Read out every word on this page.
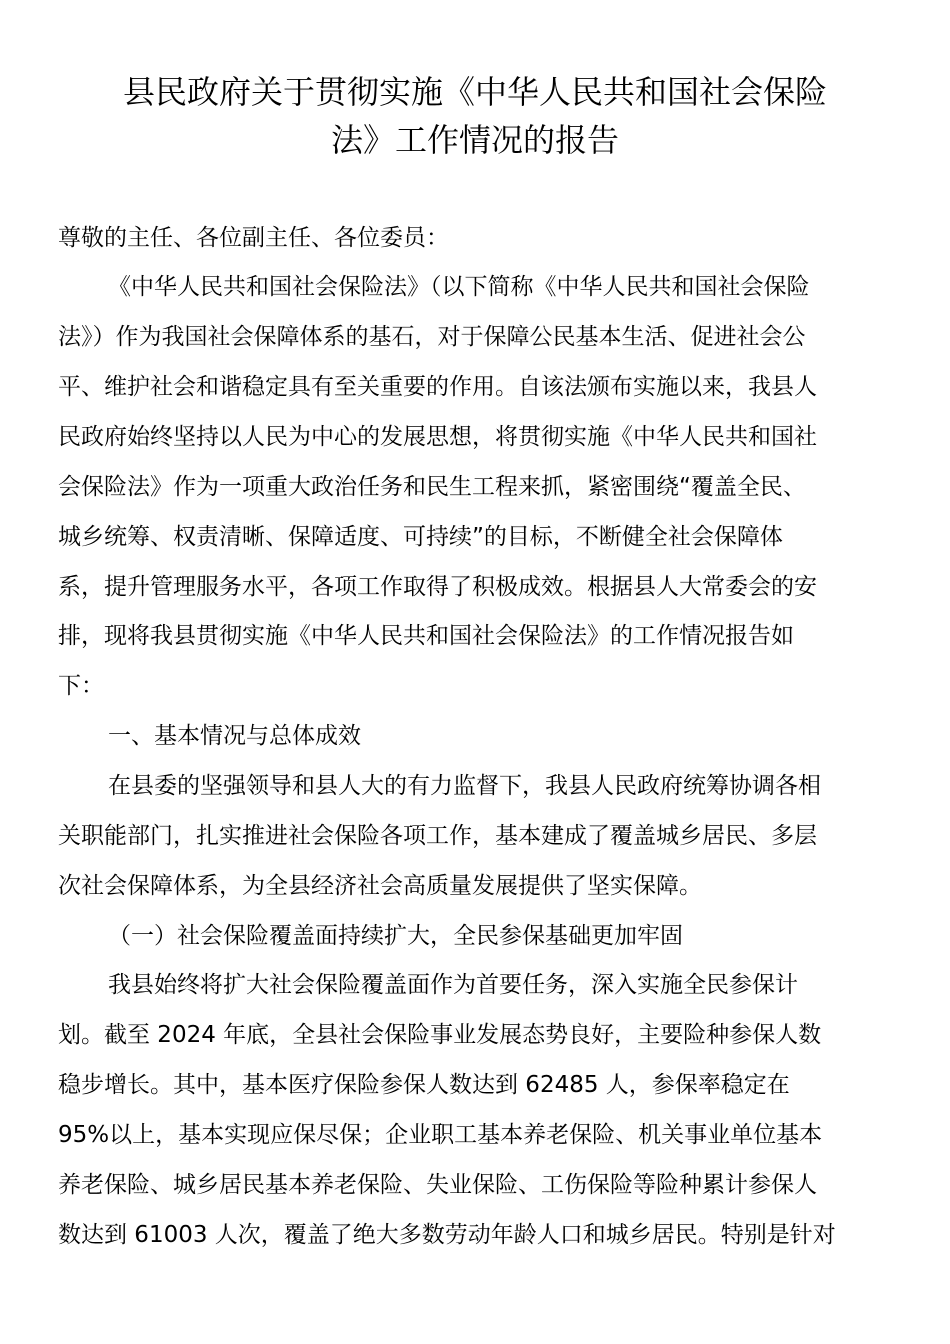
县民政府关于贯彻实施《中华人民共和国社会保险
法》工作情况的报告

尊敬的主任、各位副主任、各位委员：

《中华人民共和国社会保险法》（以下简称《中华人民共和国社会保险

法》）作为我国社会保障体系的基石，对于保障公民基本生活、促进社会公

平、维护社会和谐稳定具有至关重要的作用。自该法颁布实施以来，我县人

民政府始终坚持以人民为中心的发展思想，将贯彻实施《中华人民共和国社

会保险法》作为一项重大政治任务和民生工程来抓，紧密围绕“覆盖全民、

城乡统筹、权责清晰、保障适度、可持续”的目标，不断健全社会保障体

系，提升管理服务水平，各项工作取得了积极成效。根据县人大常委会的安

排，现将我县贯彻实施《中华人民共和国社会保险法》的工作情况报告如

下：

一、基本情况与总体成效

在县委的坚强领导和县人大的有力监督下，我县人民政府统筹协调各相

关职能部门，扎实推进社会保险各项工作，基本建成了覆盖城乡居民、多层

次社会保障体系，为全县经济社会高质量发展提供了坚实保障。

（一）社会保险覆盖面持续扩大，全民参保基础更加牢固

我县始终将扩大社会保险覆盖面作为首要任务，深入实施全民参保计

划。截至 2024 年底，全县社会保险事业发展态势良好，主要险种参保人数

稳步增长。其中，基本医疗保险参保人数达到 62485 人，参保率稳定在

95%以上，基本实现应保尽保；企业职工基本养老保险、机关事业单位基本

养老保险、城乡居民基本养老保险、失业保险、工伤保险等险种累计参保人

数达到 61003 人次，覆盖了绝大多数劳动年龄人口和城乡居民。特别是针对
